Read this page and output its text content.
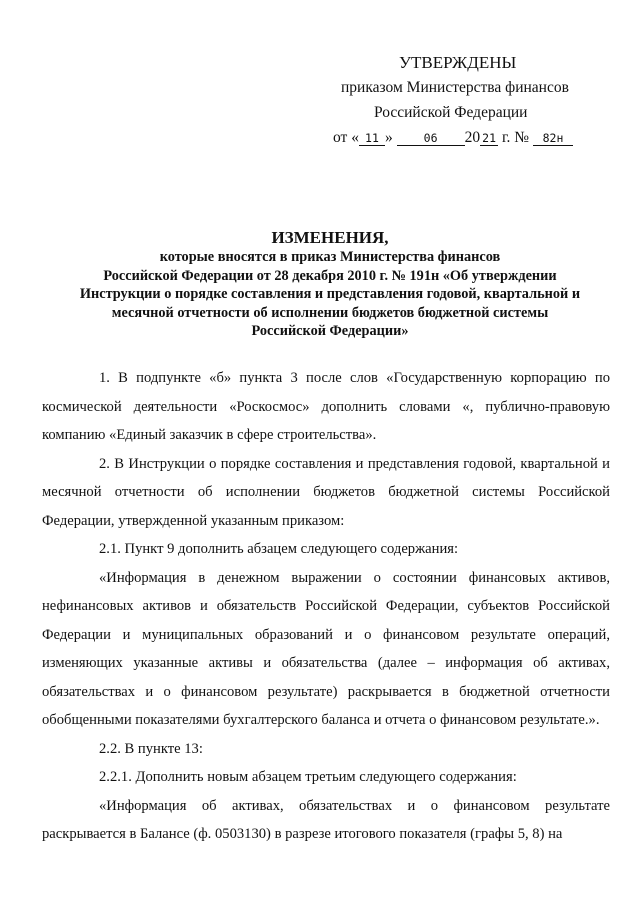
УТВЕРЖДЕНЫ
приказом Министерства финансов
Российской Федерации
от « 11 »	06 20 21 г. № 82н
ИЗМЕНЕНИЯ,
которые вносятся в приказ Министерства финансов
Российской Федерации от 28 декабря 2010 г. № 191н «Об утверждении
Инструкции о порядке составления и представления годовой, квартальной и
месячной отчетности об исполнении бюджетов бюджетной системы
Российской Федерации»

1. В подпункте «б» пункта 3 после слов «Государственную корпорацию по космической деятельности «Роскосмос» дополнить словами «, публично-правовую компанию «Единый заказчик в сфере строительства».

2. В Инструкции о порядке составления и представления годовой, квартальной и месячной отчетности об исполнении бюджетов бюджетной системы Российской Федерации, утвержденной указанным приказом:

2.1. Пункт 9 дополнить абзацем следующего содержания:

«Информация в денежном выражении о состоянии финансовых активов, нефинансовых активов и обязательств Российской Федерации, субъектов Российской Федерации и муниципальных образований и о финансовом результате операций, изменяющих указанные активы и обязательства (далее – информация об активах, обязательствах и о финансовом результате) раскрывается в бюджетной отчетности обобщенными показателями бухгалтерского баланса и отчета о финансовом результате.».

2.2. В пункте 13:

2.2.1. Дополнить новым абзацем третьим следующего содержания:

«Информация об активах, обязательствах и о финансовом результате раскрывается в Балансе (ф. 0503130) в разрезе итогового показателя (графы 5, 8) на
